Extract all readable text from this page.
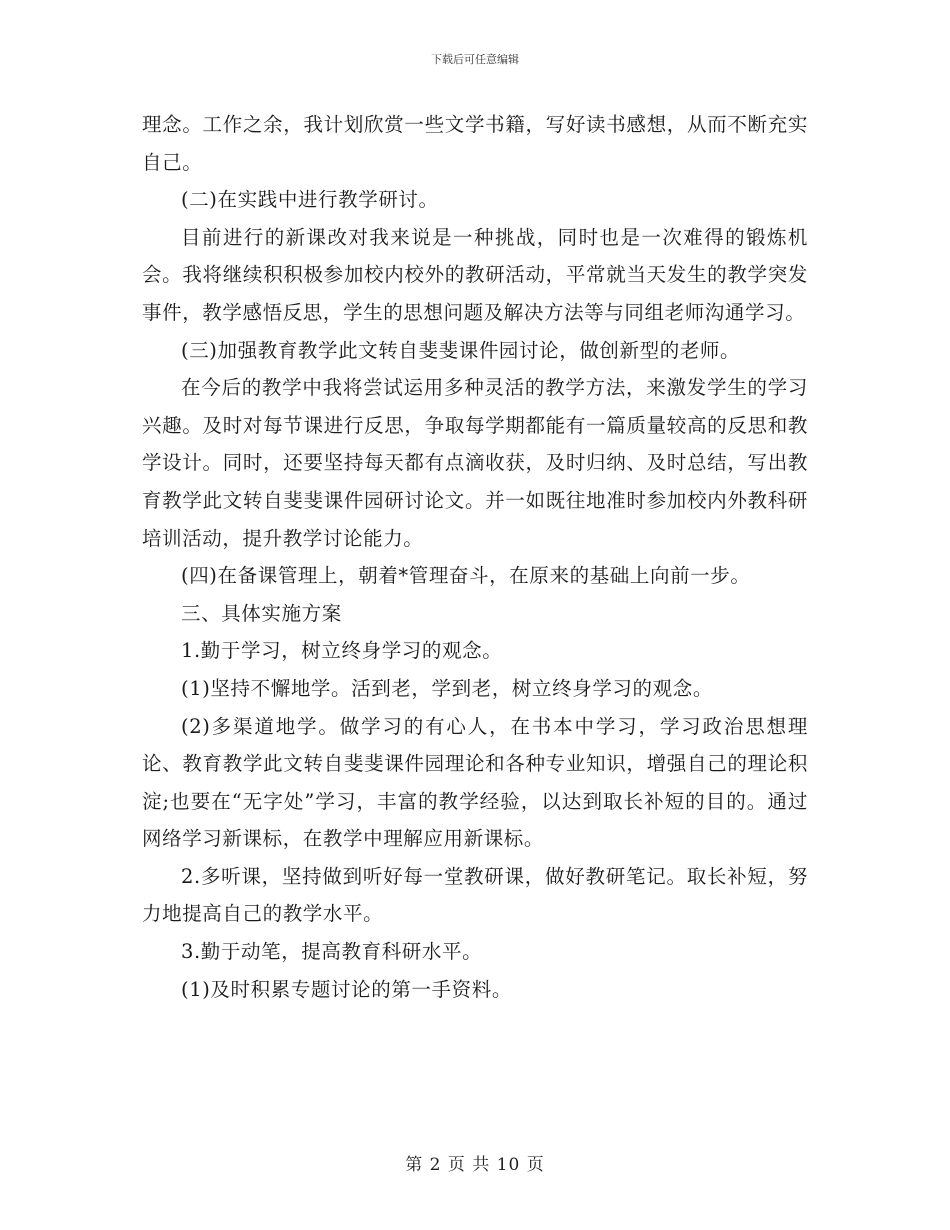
下载后可任意编辑

理念。工作之余，我计划欣赏一些文学书籍，写好读书感想，从而不断充实自己。

(二)在实践中进行教学研讨。

目前进行的新课改对我来说是一种挑战，同时也是一次难得的锻炼机会。我将继续积积极参加校内校外的教研活动，平常就当天发生的教学突发事件，教学感悟反思，学生的思想问题及解决方法等与同组老师沟通学习。

(三)加强教育教学此文转自斐斐课件园讨论，做创新型的老师。

在今后的教学中我将尝试运用多种灵活的教学方法，来激发学生的学习兴趣。及时对每节课进行反思，争取每学期都能有一篇质量较高的反思和教学设计。同时，还要坚持每天都有点滴收获，及时归纳、及时总结，写出教育教学此文转自斐斐课件园研讨论文。并一如既往地准时参加校内外教科研培训活动，提升教学讨论能力。

(四)在备课管理上，朝着*管理奋斗，在原来的基础上向前一步。

三、具体实施方案

1.勤于学习，树立终身学习的观念。

(1)坚持不懈地学。活到老，学到老，树立终身学习的观念。

(2)多渠道地学。做学习的有心人，在书本中学习，学习政治思想理论、教育教学此文转自斐斐课件园理论和各种专业知识，增强自己的理论积淀;也要在“无字处”学习，丰富的教学经验，以达到取长补短的目的。通过网络学习新课标，在教学中理解应用新课标。

2.多听课，坚持做到听好每一堂教研课，做好教研笔记。取长补短，努力地提高自己的教学水平。

3.勤于动笔，提高教育科研水平。

(1)及时积累专题讨论的第一手资料。

第 2 页 共 10 页
